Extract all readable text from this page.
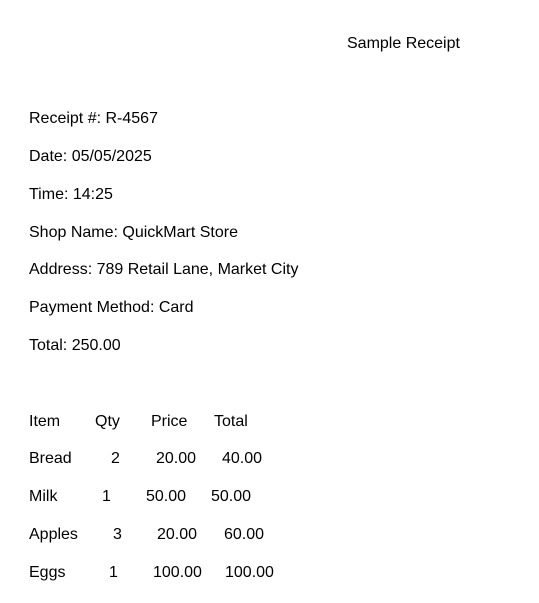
Sample Receipt
Receipt #: R-4567
Date: 05/05/2025
Time: 14:25
Shop Name: QuickMart Store
Address: 789 Retail Lane, Market City
Payment Method: Card
Total: 250.00
Item Qty Price Total
Bread 2 20.00 40.00
Milk	1 50.00 50.00
Apples 3 20.00 60.00
Eggs	1 100.00 100.00
